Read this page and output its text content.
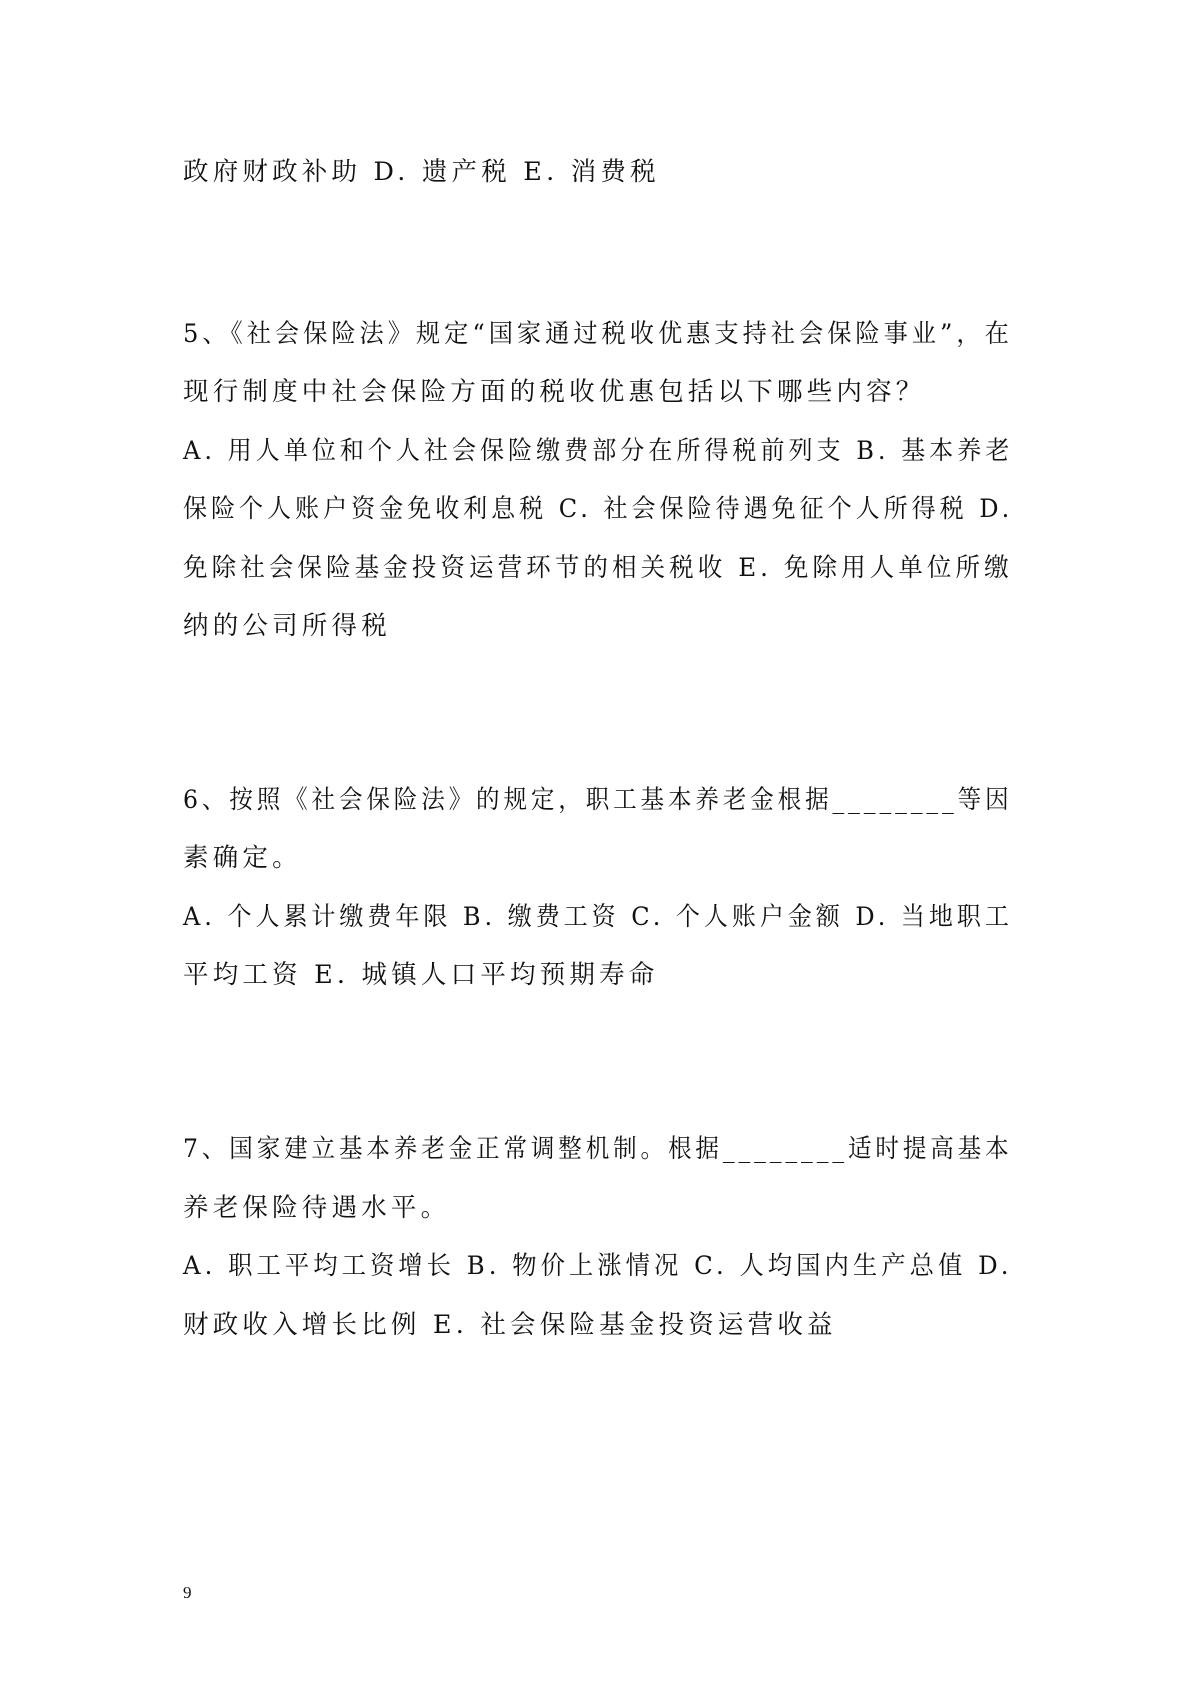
政府财政补助 D. 遗产税 E. 消费税
5、《社会保险法》规定“国家通过税收优惠支持社会保险事业”，在
现行制度中社会保险方面的税收优惠包括以下哪些内容？
A. 用人单位和个人社会保险缴费部分在所得税前列支 B. 基本养老
保险个人账户资金免收利息税 C. 社会保险待遇免征个人所得税 D.
免除社会保险基金投资运营环节的相关税收 E. 免除用人单位所缴
纳的公司所得税
6、按照《社会保险法》的规定，职工基本养老金根据________等因
素确定。
A. 个人累计缴费年限 B. 缴费工资 C. 个人账户金额 D. 当地职工
平均工资 E. 城镇人口平均预期寿命
7、国家建立基本养老金正常调整机制。根据________适时提高基本
养老保险待遇水平。
A. 职工平均工资增长 B. 物价上涨情况 C. 人均国内生产总值 D.
财政收入增长比例 E. 社会保险基金投资运营收益
9
